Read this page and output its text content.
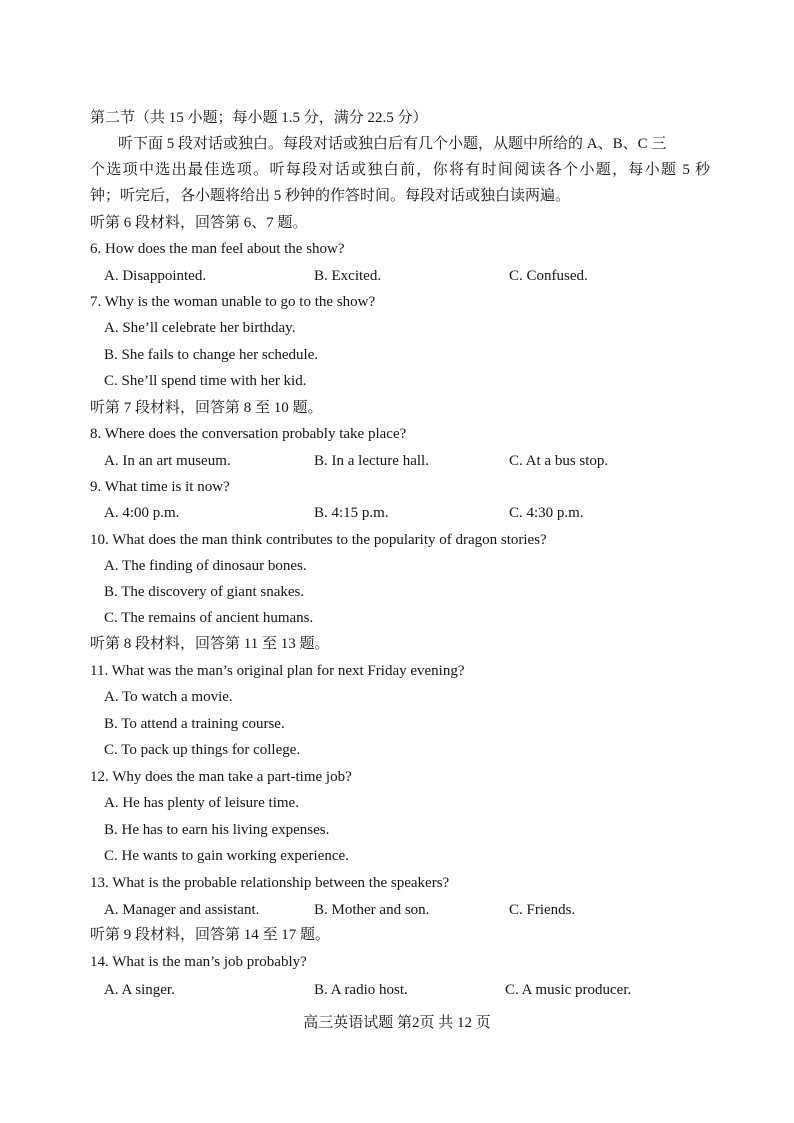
第二节（共 15 小题；每小题 1.5 分，满分 22.5 分）
听下面 5 段对话或独白。每段对话或独白后有几个小题，从题中所给的 A、B、C 三
个选项中选出最佳选项。听每段对话或独白前，你将有时间阅读各个小题，每小题 5 秒
钟；听完后，各小题将给出 5 秒钟的作答时间。每段对话或独白读两遍。
听第 6 段材料，回答第 6、7 题。
6. How does the man feel about the show?
A. Disappointed.	B. Excited.	C. Confused.
7. Why is the woman unable to go to the show?
A. She’ll celebrate her birthday.
B. She fails to change her schedule.
C. She’ll spend time with her kid.
听第 7 段材料，回答第 8 至 10 题。
8. Where does the conversation probably take place?
A. In an art museum.	B. In a lecture hall.	C. At a bus stop.
9. What time is it now?
A. 4:00 p.m.	B. 4:15 p.m.	C. 4:30 p.m.
10. What does the man think contributes to the popularity of dragon stories?
A. The finding of dinosaur bones.
B. The discovery of giant snakes.
C. The remains of ancient humans.
听第 8 段材料，回答第 11 至 13 题。
11. What was the man’s original plan for next Friday evening?
A. To watch a movie.
B. To attend a training course.
C. To pack up things for college.
12. Why does the man take a part-time job?
A. He has plenty of leisure time.
B. He has to earn his living expenses.
C. He wants to gain working experience.
13. What is the probable relationship between the speakers?
A. Manager and assistant.	B. Mother and son.	C. Friends.
听第 9 段材料，回答第 14 至 17 题。
14. What is the man’s job probably?
A. A singer.	B. A radio host.	C. A music producer.
高三英语试题 第2页 共 12 页
